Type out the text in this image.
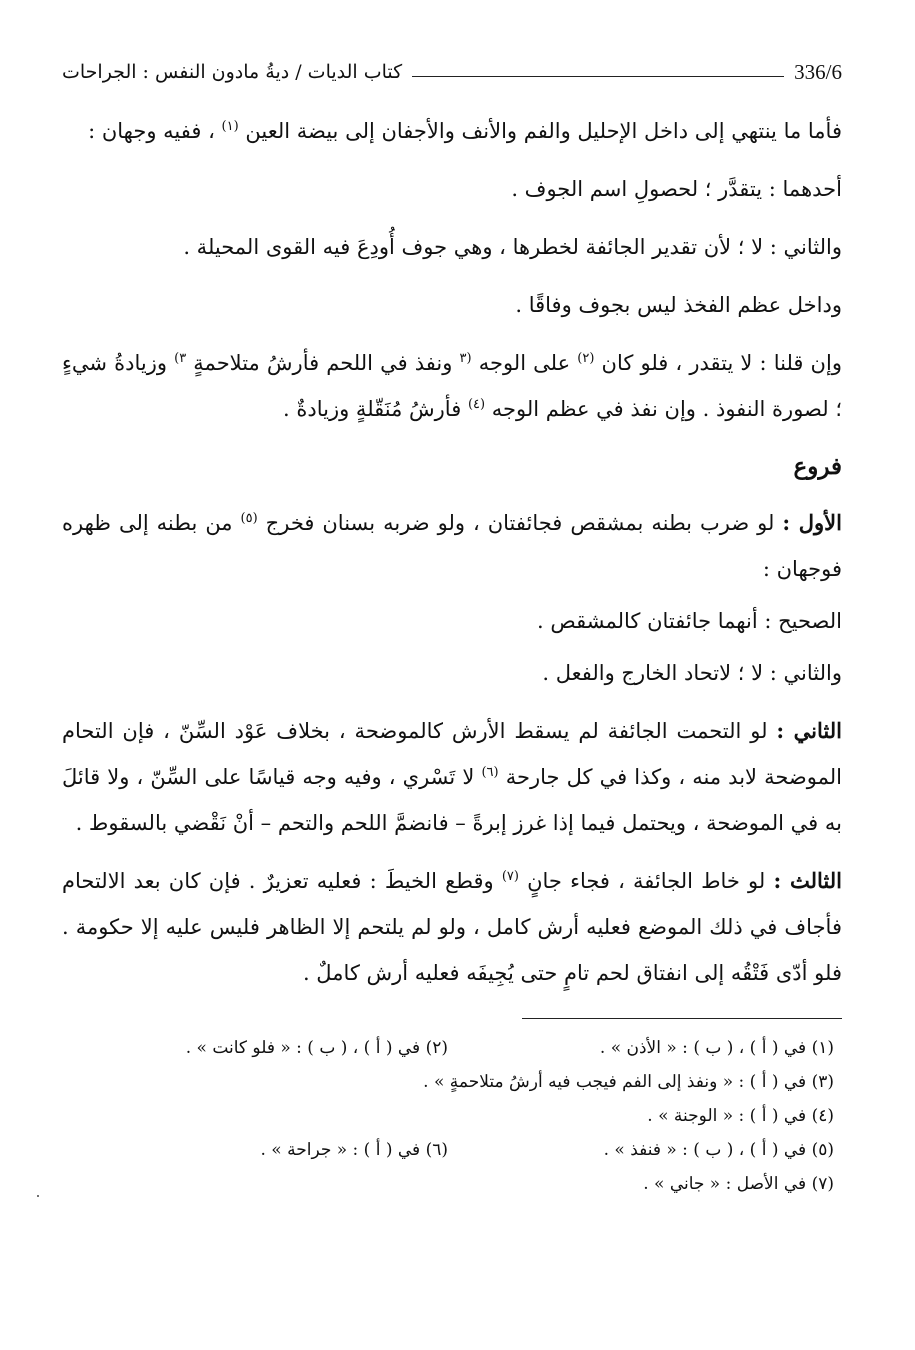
336/6
كتاب الديات / ديةُ مادون النفس : الجراحات

فأما ما ينتهي إلى داخل الإحليل والفم والأنف والأجفان إلى بيضة العين $^{(١)}$ ، ففيه وجهان :

أحدهما : يتقدَّر ؛ لحصولِ اسم الجوف .

والثاني : لا ؛ لأن تقدير الجائفة لخطرها ، وهي جوف أُودِعَ فيه القوى المحيلة .

وداخل عظم الفخذ ليس بجوف وفاقًا .

وإن قلنا : لا يتقدر ، فلو كان $^{(٢)}$ على الوجه $^{(٣}$ ونفذ في اللحم فأرشُ متلاحمةٍ $^{٣)}$ وزيادةُ شيءٍ ؛ لصورة النفوذ . وإن نفذ في عظم الوجه $^{(٤)}$ فأرشُ مُنَقّلةٍ وزيادةٌ .

فروع

الأول : لو ضرب بطنه بمشقص فجائفتان ، ولو ضربه بسنان فخرج $^{(٥)}$ من بطنه إلى ظهره فوجهان :

الصحيح : أنهما جائفتان كالمشقص .

والثاني : لا ؛ لاتحاد الخارج والفعل .

الثاني : لو التحمت الجائفة لم يسقط الأرش كالموضحة ، بخلاف عَوْد السِّنّ ، فإن التحام الموضحة لابد منه ، وكذا في كل جارحة $^{(٦)}$ لا تَسْري ، وفيه وجه قياسًا على السِّنّ ، ولا قائلَ به في الموضحة ، ويحتمل فيما إذا غرز إبرةً – فانضمَّ اللحم والتحم – أنْ نَقْضي بالسقوط .

الثالث : لو خاط الجائفة ، فجاء جانٍ $^{(٧)}$ وقطع الخيطَ : فعليه تعزيرٌ . فإن كان بعد الالتحام فأجاف في ذلك الموضع فعليه أرش كامل ، ولو لم يلتحم إلا الظاهر فليس عليه إلا حكومة . فلو أدّى فَتْقُه إلى انفتاق لحم تامٍ حتى يُجِيفَه فعليه أرش كاملٌ .

(١) في ( أ ) ، ( ب ) : « الأذن » .
(٢) في ( أ ) ، ( ب ) : « فلو كانت » .
(٣) في ( أ ) : « ونفذ إلى الفم فيجب فيه أرشُ متلاحمةٍ » .
(٤) في ( أ ) : « الوجنة » .
(٥) في ( أ ) ، ( ب ) : « فنفذ » .
(٦) في ( أ ) : « جراحة » .
(٧) في الأصل : « جاني » .
